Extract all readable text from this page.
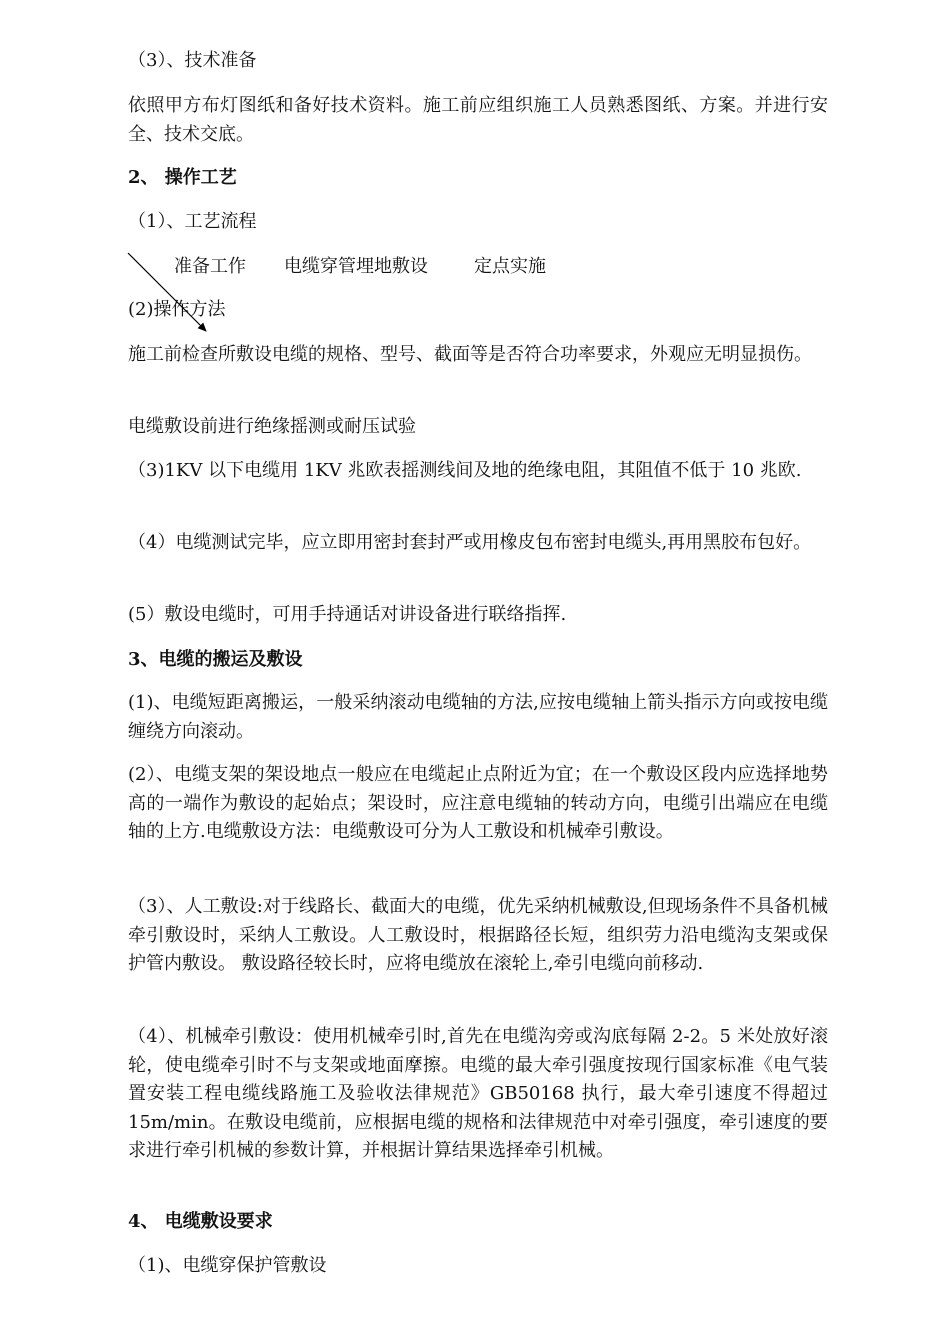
（3）、技术准备
依照甲方布灯图纸和备好技术资料。施工前应组织施工人员熟悉图纸、方案。并进行安全、技术交底。
2、 操作工艺
（1）、工艺流程
准备工作 电缆穿管埋地敷设	定点实施
(2)操作方法
施工前检查所敷设电缆的规格、型号、截面等是否符合功率要求，外观应无明显损伤。
电缆敷设前进行绝缘摇测或耐压试验
（3)1KV 以下电缆用 1KV 兆欧表摇测线间及地的绝缘电阻，其阻值不低于 10 兆欧.
（4）电缆测试完毕，应立即用密封套封严或用橡皮包布密封电缆头,再用黑胶布包好。
(5）敷设电缆时，可用手持通话对讲设备进行联络指挥.
3、电缆的搬运及敷设
(1)、电缆短距离搬运，一般采纳滚动电缆轴的方法,应按电缆轴上箭头指示方向或按电缆缠绕方向滚动。
(2）、电缆支架的架设地点一般应在电缆起止点附近为宜；在一个敷设区段内应选择地势高的一端作为敷设的起始点；架设时，应注意电缆轴的转动方向，电缆引出端应在电缆轴的上方.电缆敷设方法：电缆敷设可分为人工敷设和机械牵引敷设。
（3）、人工敷设:对于线路长、截面大的电缆，优先采纳机械敷设,但现场条件不具备机械牵引敷设时，采纳人工敷设。人工敷设时，根据路径长短，组织劳力沿电缆沟支架或保护管内敷设。 敷设路径较长时，应将电缆放在滚轮上,牵引电缆向前移动.
（4）、机械牵引敷设：使用机械牵引时,首先在电缆沟旁或沟底每隔 2-2。5 米处放好滚轮，使电缆牵引时不与支架或地面摩擦。电缆的最大牵引强度按现行国家标准《电气装置安装工程电缆线路施工及验收法律规范》GB50168 执行，最大牵引速度不得超过 15m/min。在敷设电缆前，应根据电缆的规格和法律规范中对牵引强度，牵引速度的要求进行牵引机械的参数计算，并根据计算结果选择牵引机械。
4、 电缆敷设要求
（1)、电缆穿保护管敷设
